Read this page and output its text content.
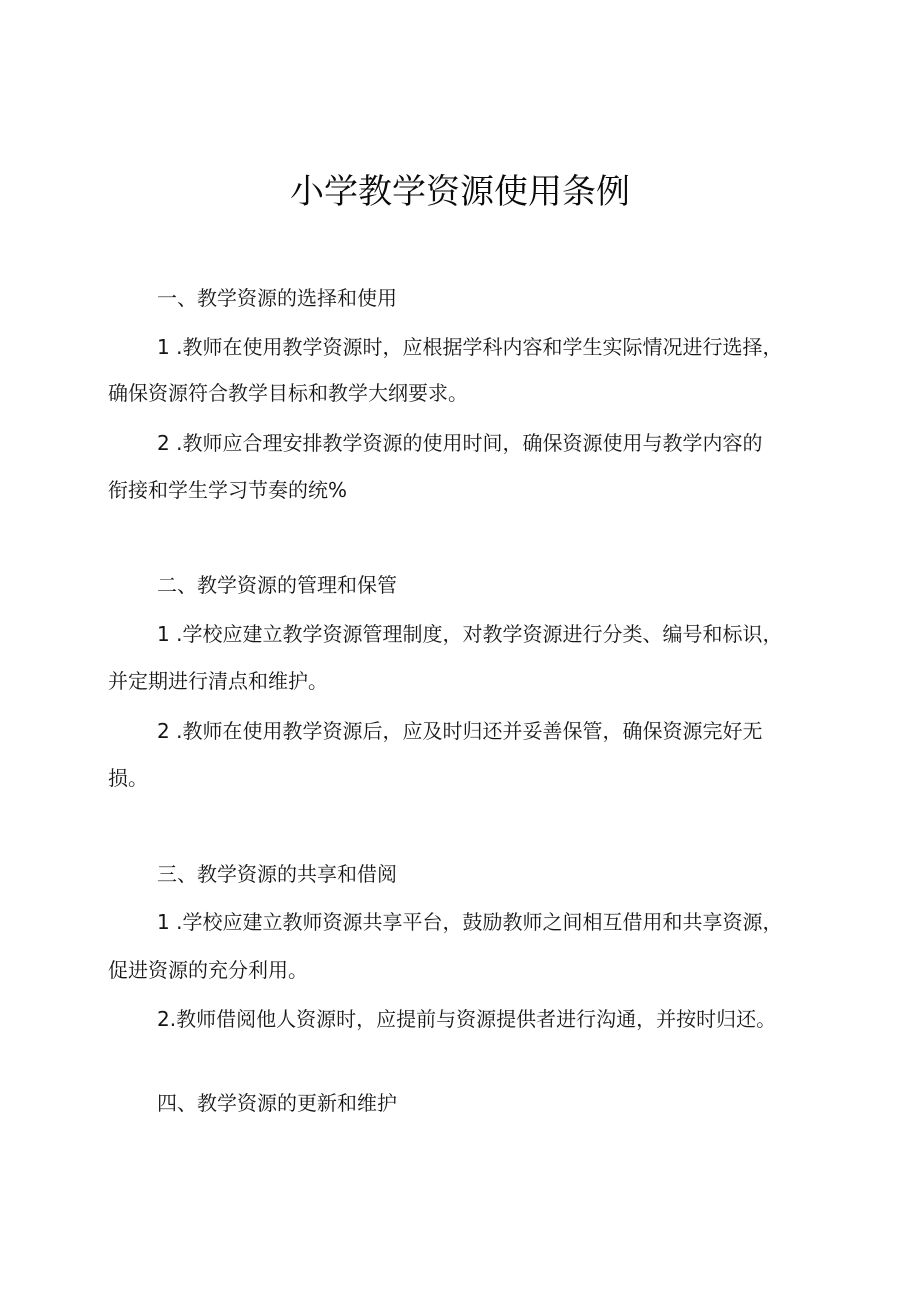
小学教学资源使用条例
一、教学资源的选择和使用
1 .教师在使用教学资源时，应根据学科内容和学生实际情况进行选择，
确保资源符合教学目标和教学大纲要求。
2 .教师应合理安排教学资源的使用时间，确保资源使用与教学内容的
衔接和学生学习节奏的统%
二、教学资源的管理和保管
1 .学校应建立教学资源管理制度，对教学资源进行分类、编号和标识，
并定期进行清点和维护。
2 .教师在使用教学资源后，应及时归还并妥善保管，确保资源完好无
损。
三、教学资源的共享和借阅
1 .学校应建立教师资源共享平台，鼓励教师之间相互借用和共享资源，
促进资源的充分利用。
2.教师借阅他人资源时，应提前与资源提供者进行沟通，并按时归还。
四、教学资源的更新和维护
